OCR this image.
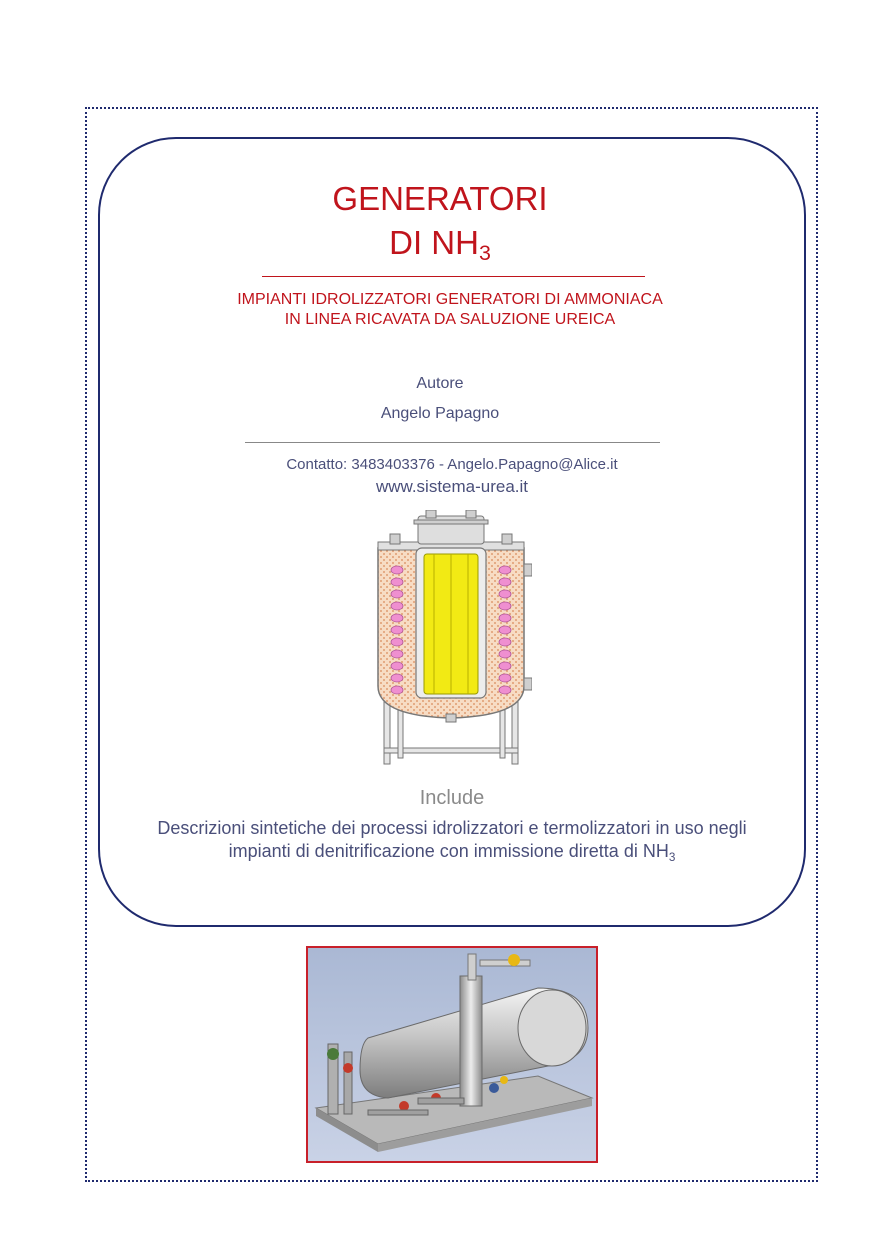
GENERATORI
DI $NH_3$
IMPIANTI IDROLIZZATORI GENERATORI DI AMMONIACA IN LINEA RICAVATA DA SALUZIONE UREICA
Autore
Angelo Papagno
Contatto: 3483403376 - Angelo.Papagno@Alice.it
www.sistema-urea.it
Include
Descrizioni sintetiche dei processi idrolizzatori e termolizzatori in uso negli impianti di denitrificazione con immissione diretta di $NH_3$
